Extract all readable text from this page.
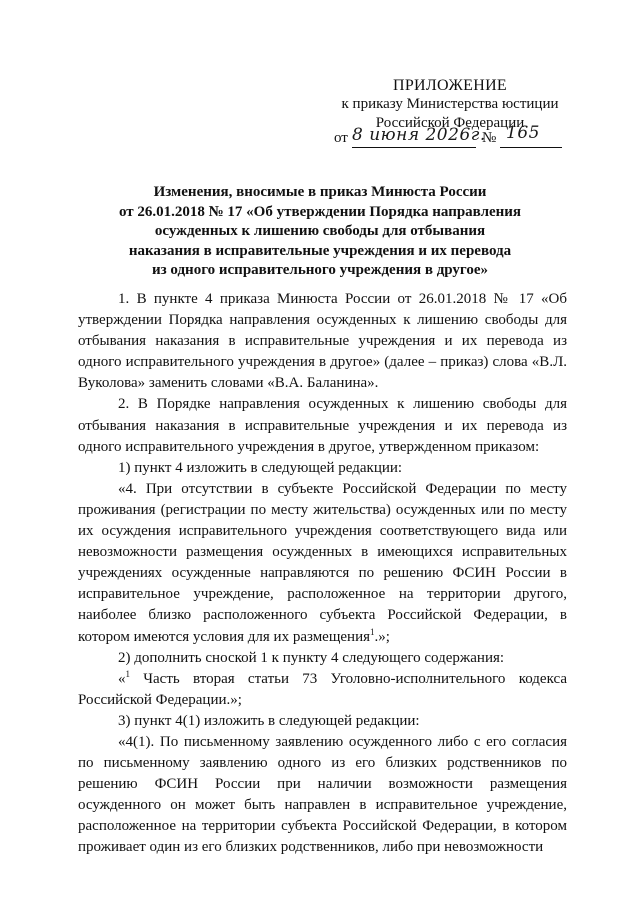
ПРИЛОЖЕНИЕ
к приказу Министерства юстиции
Российской Федерации
от 8 июня 2026г.
№ 165
Изменения, вносимые в приказ Минюста России
от 26.01.2018 № 17 «Об утверждении Порядка направления
осужденных к лишению свободы для отбывания
наказания в исправительные учреждения и их перевода
из одного исправительного учреждения в другое»

1. В пункте 4 приказа Минюста России от 26.01.2018 № 17 «Об утверждении Порядка направления осужденных к лишению свободы для отбывания наказания в исправительные учреждения и их перевода из одного исправительного учреждения в другое» (далее – приказ) слова «В.Л. Вуколова» заменить словами «В.А. Баланина».

2. В Порядке направления осужденных к лишению свободы для отбывания наказания в исправительные учреждения и их перевода из одного исправительного учреждения в другое, утвержденном приказом:

1) пункт 4 изложить в следующей редакции:

«4. При отсутствии в субъекте Российской Федерации по месту проживания (регистрации по месту жительства) осужденных или по месту их осуждения исправительного учреждения соответствующего вида или невозможности размещения осужденных в имеющихся исправительных учреждениях осужденные направляются по решению ФСИН России в исправительное учреждение, расположенное на территории другого, наиболее близко расположенного субъекта Российской Федерации, в котором имеются условия для их размещения$^1$.»;

2) дополнить сноской 1 к пункту 4 следующего содержания:

«$^1$ Часть вторая статьи 73 Уголовно-исполнительного кодекса Российской Федерации.»;

3) пункт 4(1) изложить в следующей редакции:

«4(1). По письменному заявлению осужденного либо с его согласия по письменному заявлению одного из его близких родственников по решению ФСИН России при наличии возможности размещения осужденного он может быть направлен в исправительное учреждение, расположенное на территории субъекта Российской Федерации, в котором проживает один из его близких родственников, либо при невозможности
